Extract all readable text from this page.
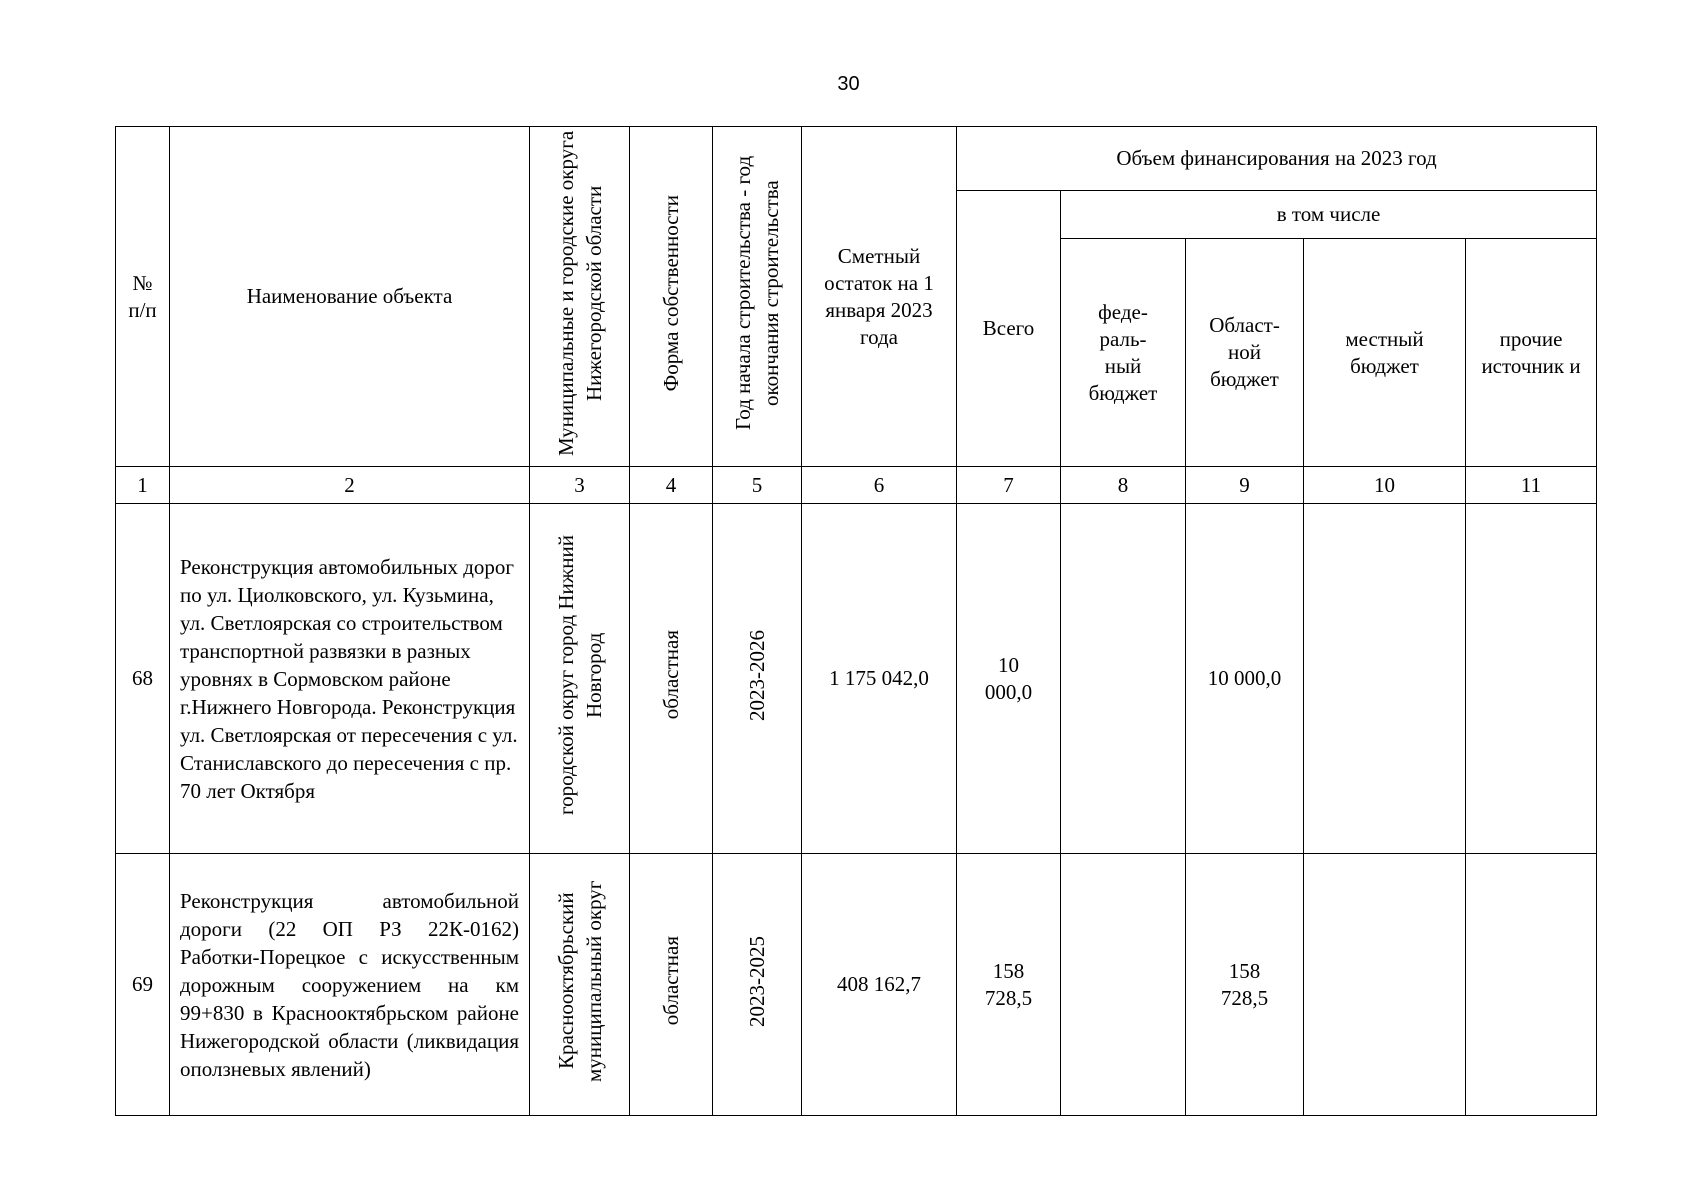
30
№ п/п	Наименование объекта	Муниципальные и городские округа Нижегородской области	Форма собственности	Год начала строительства - год окончания строительства	Сметный остаток на 1 января 2023 года	Объем финансирования на 2023 год				
						Всего	в том числе			
							феде-раль-ный бюджет	Област-ной бюджет	местный бюджет	прочие источник и
1	2	3	4	5	6	7	8	9	10	11
68	Реконструкция автомобильных дорог по ул. Циолковского, ул. Кузьмина, ул. Светлоярская со строительством транспортной развязки в разных уровнях в Сормовском районе г.Нижнего Новгорода. Реконструкция ул. Светлоярская от пересечения с ул. Станиславского до пересечения с пр. 70 лет Октября	городской округ город Нижний Новгород	областная	2023-2026	1 175 042,0	10 000,0		10 000,0		
69	Реконструкция автомобильной дороги (22 ОП РЗ 22К-0162) Работки-Порецкое с искусственным дорожным сооружением на км 99+830 в Краснооктябрьском районе Нижегородской области (ликвидация оползневых явлений)	Краснооктябрьский муниципальный округ	областная	2023-2025	408 162,7	158 728,5		158 728,5		
